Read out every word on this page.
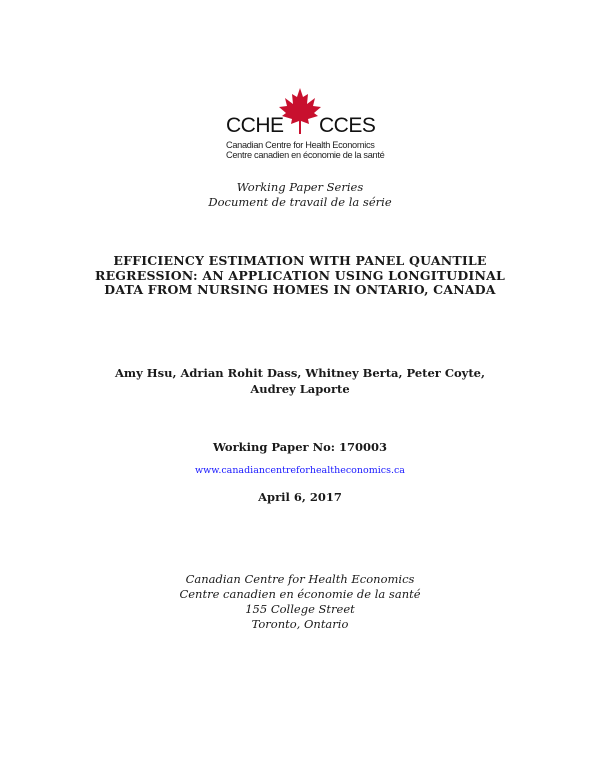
CCHE CCES
Canadian Centre for Health Economics
Centre canadien en économie de la santé
Working Paper Series
Document de travail de la série
EFFICIENCY ESTIMATION WITH PANEL QUANTILE REGRESSION: AN APPLICATION USING LONGITUDINAL DATA FROM NURSING HOMES IN ONTARIO, CANADA
Amy Hsu, Adrian Rohit Dass, Whitney Berta, Peter Coyte, Audrey Laporte
Working Paper No: 170003
www.canadiancentreforhealtheconomics.ca
April 6, 2017
Canadian Centre for Health Economics
Centre canadien en économie de la santé
155 College Street
Toronto, Ontario
